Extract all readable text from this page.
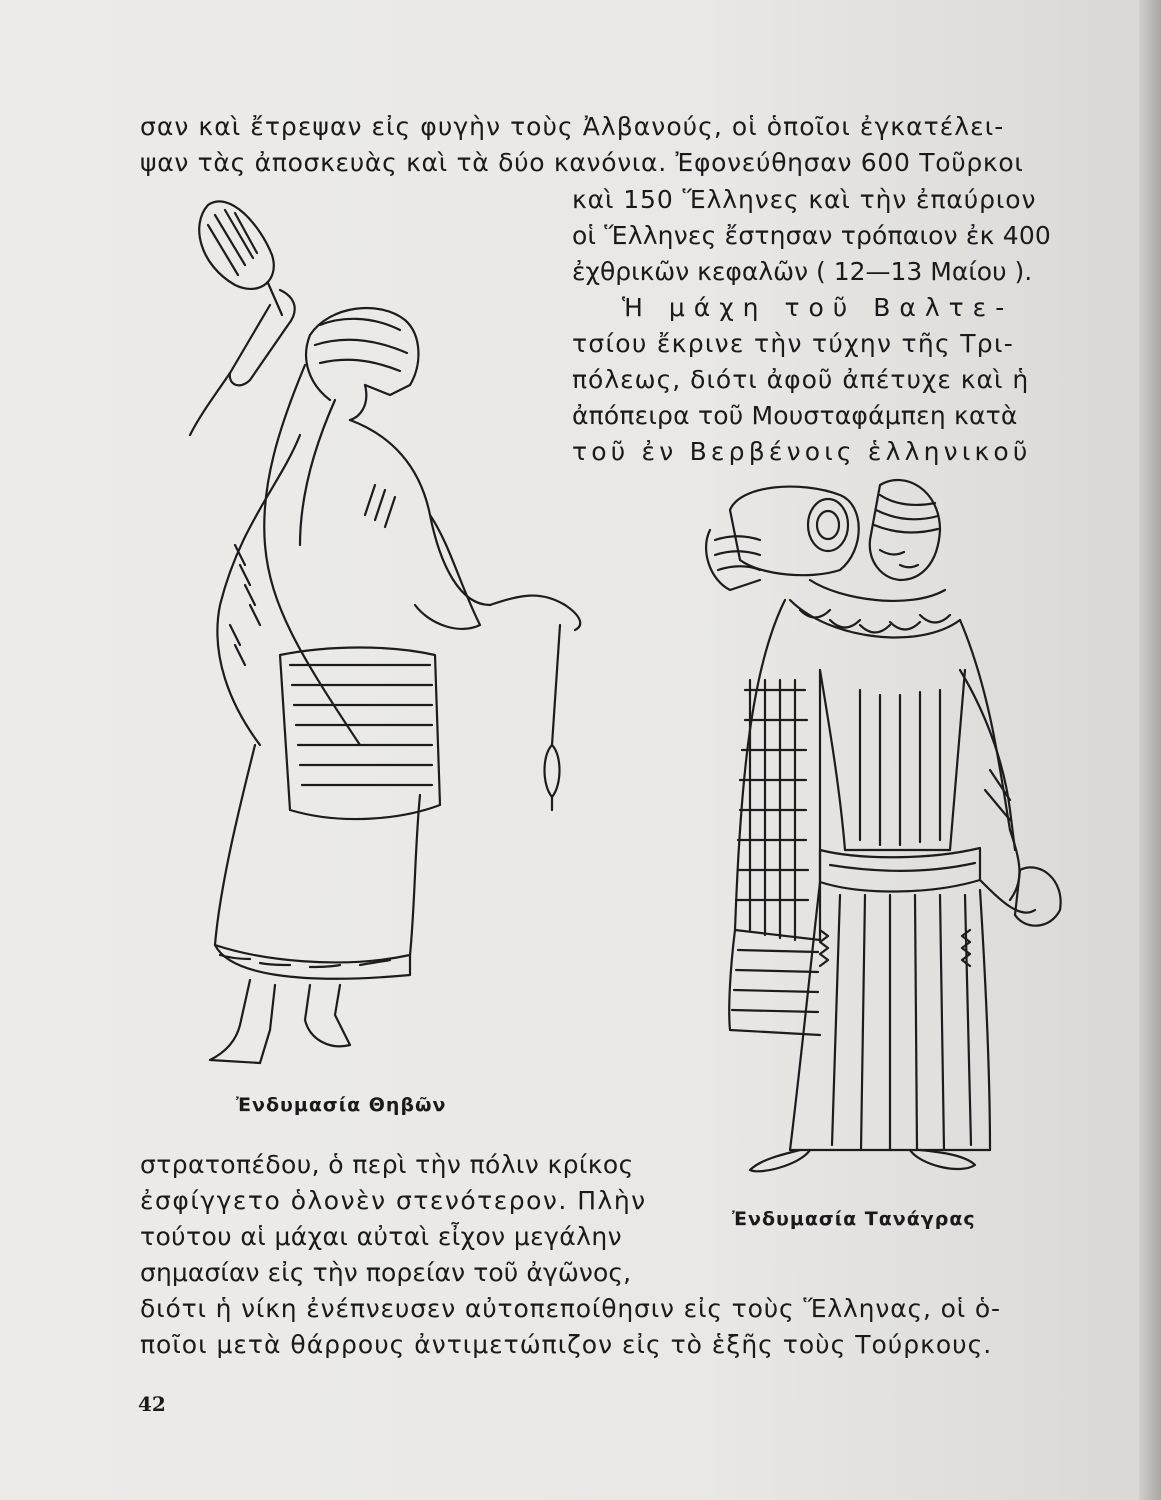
σαν καὶ ἔτρεψαν εἰς φυγὴν τοὺς Ἀλβανούς, οἱ ὁποῖοι ἐγκατέλει-
ψαν τὰς ἀποσκευὰς καὶ τὰ δύο κανόνια. Ἐφονεύθησαν 600 Τοῦρκοι
καὶ 150 Ἕλληνες καὶ τὴν ἐπαύριον
οἱ Ἕλληνες ἔστησαν τρόπαιον ἐκ 400
ἐχθρικῶν κεφαλῶν ( 12—13 Μαίου ).
Ἡ μάχη τοῦ Βαλτε-
τσίου ἔκρινε τὴν τύχην τῆς Τρι-
πόλεως, διότι ἀφοῦ ἀπέτυχε καὶ ἡ
ἀπόπειρα τοῦ Μουσταφάμπεη κατὰ
τοῦ ἐν Βερβένοις ἑλληνικοῦ
Ἐνδυμασία Θηβῶν
Ἐνδυμασία Τανάγρας
στρατοπέδου, ὁ περὶ τὴν πόλιν κρίκος
ἐσφίγγετο ὁλονὲν στενότερον. Πλὴν
τούτου αἱ μάχαι αὐταὶ εἶχον μεγάλην
σημασίαν εἰς τὴν πορείαν τοῦ ἀγῶνος,
διότι ἡ νίκη ἐνέπνευσεν αὐτοπεποίθησιν εἰς τοὺς Ἕλληνας, οἱ ὁ-
ποῖοι μετὰ θάρρους ἀντιμετώπιζον εἰς τὸ ἑξῆς τοὺς Τούρκους.
42
